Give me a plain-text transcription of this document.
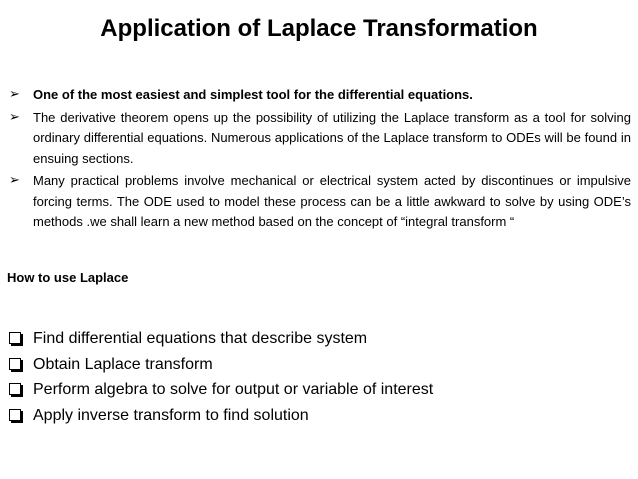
Application of Laplace Transformation
➢	One of the most easiest and simplest tool for the differential equations.
➢	The derivative theorem opens up the possibility of utilizing the Laplace transform as a tool for solving ordinary differential equations. Numerous applications of the Laplace transform to ODEs will be found in ensuing sections.
➢	Many practical problems involve mechanical or electrical system acted by discontinues or impulsive forcing terms. The ODE used to model these process can be a little awkward to solve by using ODE’s methods .we shall learn a new method based on the concept of “integral transform “
How to use Laplace
Find differential equations that describe system
Obtain Laplace transform
Perform algebra to solve for output or variable of interest
Apply inverse transform to find solution
